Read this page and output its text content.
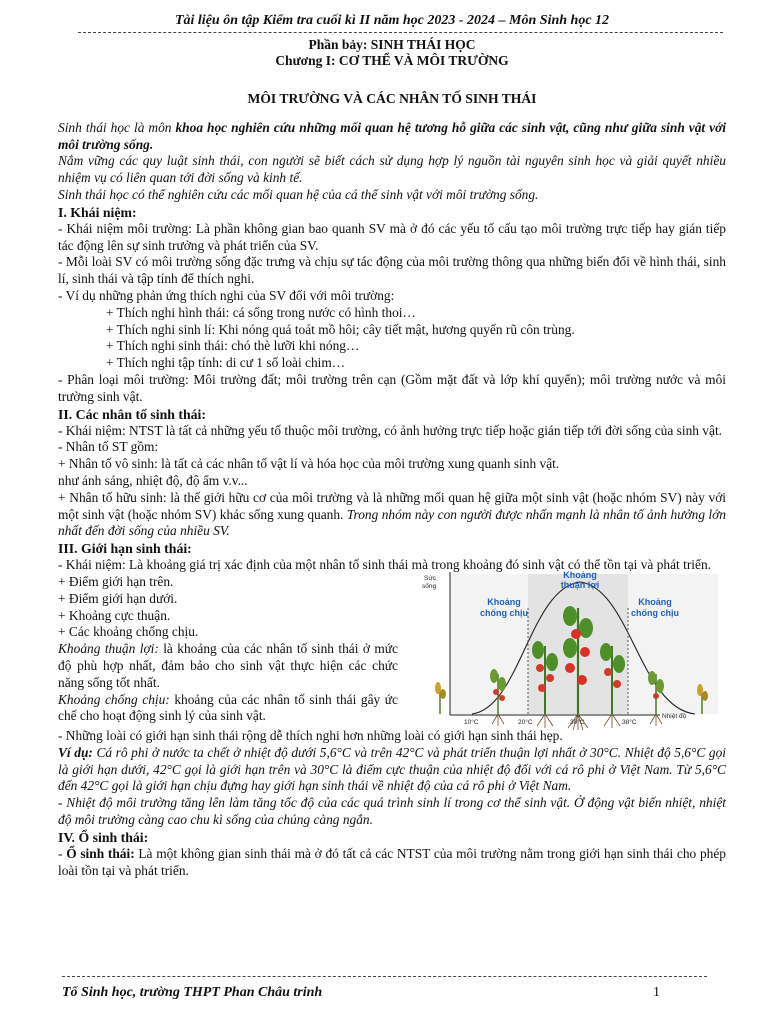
Tài liệu ôn tập Kiểm tra cuối kì II năm học 2023 - 2024 – Môn Sinh học 12
Phần bảy: SINH THÁI HỌC
Chương I: CƠ THỂ VÀ MÔI TRƯỜNG
MÔI TRƯỜNG VÀ CÁC NHÂN TỐ SINH THÁI

Sinh thái học là môn khoa học nghiên cứu những mối quan hệ tương hỗ giữa các sinh vật, cũng như giữa sinh vật với môi trường sống.

Nắm vững các quy luật sinh thái, con người sẽ biết cách sử dụng hợp lý nguồn tài nguyên sinh học và giải quyết nhiều nhiệm vụ có liên quan tới đời sống và kinh tế.

Sinh thái học có thể nghiên cứu các mối quan hệ của cá thể sinh vật với môi trường sống.

I. Khái niệm:

- Khái niệm môi trường: Là phần không gian bao quanh SV mà ở đó các yếu tố cấu tạo môi trường trực tiếp hay gián tiếp tác động lên sự sinh trưởng và phát triển của SV.

- Mỗi loài SV có môi trường sống đặc trưng và chịu sự tác động của môi trường thông qua những biến đổi về hình thái, sinh lí, sinh thái và tập tính để thích nghi.

- Ví dụ những phản ứng thích nghi của SV đối với môi trường:

+ Thích nghi hình thái: cá sống trong nước có hình thoi…

+ Thích nghi sinh lí: Khi nóng quá toát mồ hôi; cây tiết mật, hương quyến rũ côn trùng.

+ Thích nghi sinh thái: chó thè lưỡi khi nóng…

+ Thích nghi tập tính: di cư 1 số loài chim…

- Phân loại môi trường: Môi trường đất; môi trường trên cạn (Gồm mặt đất và lớp khí quyển); môi trường nước và môi trường sinh vật.

II. Các nhân tố sinh thái:

- Khái niệm: NTST là tất cả những yếu tố thuộc môi trường, có ảnh hưởng trực tiếp hoặc gián tiếp tới đời sống của sinh vật.

- Nhân tố ST gồm:

+ Nhân tố vô sinh: là tất cả các nhân tố vật lí và hóa học của môi trường xung quanh sinh vật.

như ánh sáng, nhiệt độ, độ ẩm v.v...

+ Nhân tố hữu sinh: là thế giới hữu cơ của môi trường và là những mối quan hệ giữa một sinh vật (hoặc nhóm SV) này với một sinh vật (hoặc nhóm SV) khác sống xung quanh. Trong nhóm này con người được nhấn mạnh là nhân tố ảnh hưởng lớn nhất đến đời sống của nhiều SV.

III. Giới hạn sinh thái:

- Khái niệm: Là khoảng giá trị xác định của một nhân tố sinh thái mà trong khoảng đó sinh vật có thể tồn tại và phát triển.

+ Điểm giới hạn trên.

+ Điểm giới hạn dưới.

+ Khoảng cực thuận.

+ Các khoảng chống chịu.

Khoảng thuận lợi: là khoảng của các nhân tố sinh thái ở mức độ phù hợp nhất, đảm bảo cho sinh vật thực hiện các chức năng sống tốt nhất.

Khoảng chống chịu: khoảng của các nhân tố sinh thái gây ức chế cho hoạt động sinh lý của sinh vật.

Sức
sống
Nhiệt độ
Khoảng
thuận lợi
Khoảng
chống chịu
Khoảng
chống chịu
10°C	20°C	30°C	38°C

- Những loài có giới hạn sinh thái rộng dễ thích nghi hơn những loài có giới hạn sinh thái hẹp.

Ví dụ: Cá rô phi ở nước ta chết ở nhiệt độ dưới 5,6°C và trên 42°C và phát triển thuận lợi nhất ở 30°C. Nhiệt độ 5,6°C gọi là giới hạn dưới, 42°C gọi là giới hạn trên và 30°C là điểm cực thuận của nhiệt độ đối với cá rô phi ở Việt Nam. Từ 5,6°C đến 42°C gọi là giới hạn chịu đựng hay giới hạn sinh thái về nhiệt độ của cá rô phi ở Việt Nam.

- Nhiệt độ môi trường tăng lên làm tăng tốc độ của các quá trình sinh lí trong cơ thể sinh vật. Ở động vật biến nhiệt, nhiệt độ môi trường càng cao chu kì sống của chúng càng ngắn.

IV. Ổ sinh thái:

- Ổ sinh thái: Là một không gian sinh thái mà ở đó tất cả các NTST của môi trường nằm trong giới hạn sinh thái cho phép loài tồn tại và phát triển.

Tổ Sinh học, trường THPT Phan Châu trinh	1
